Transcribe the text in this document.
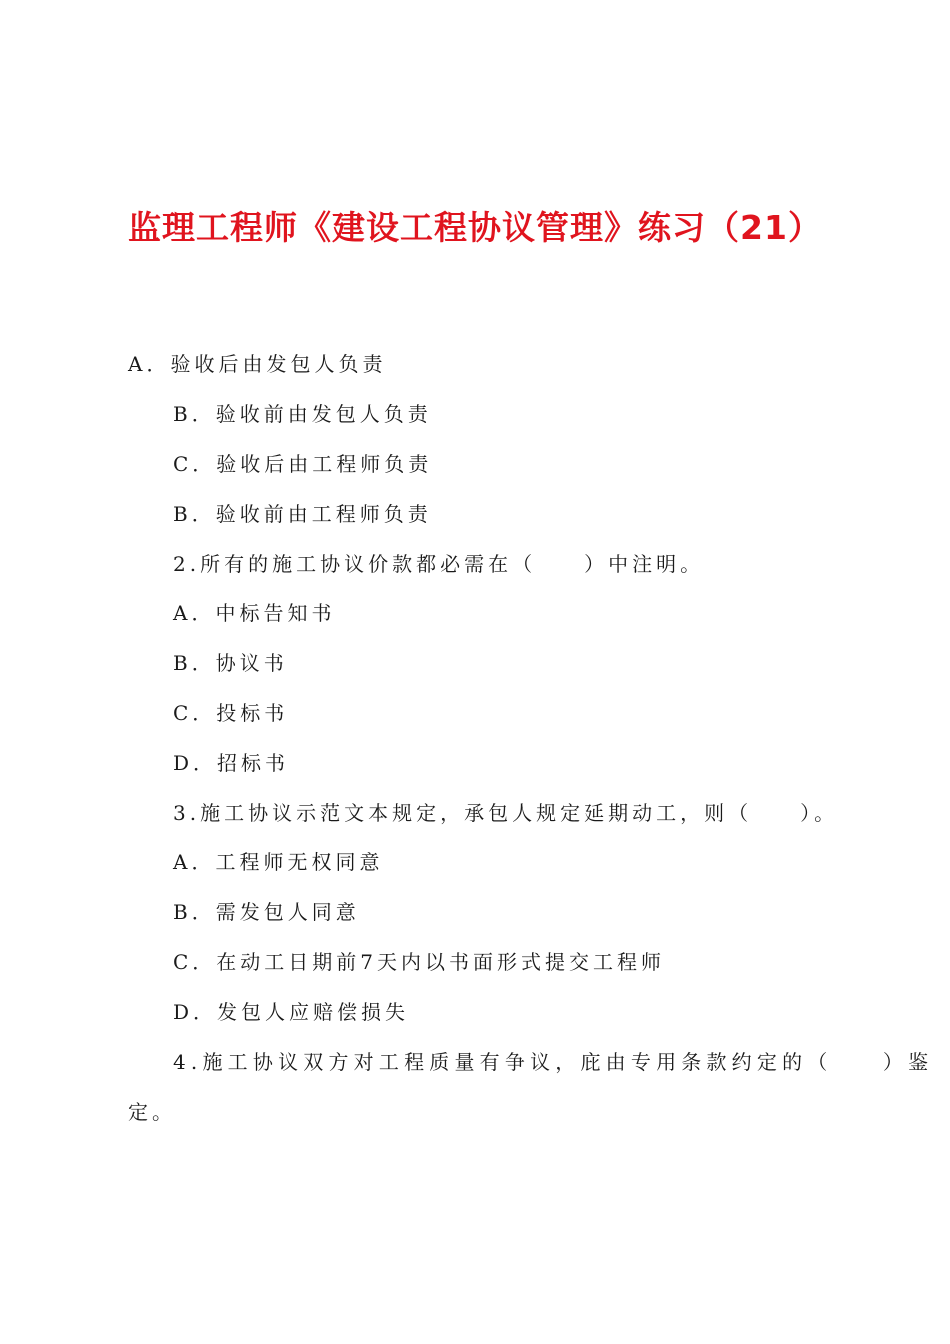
监理工程师《建设工程协议管理》练习（21）

A．验收后由发包人负责

B．验收前由发包人负责

C．验收后由工程师负责

B．验收前由工程师负责

2.所有的施工协议价款都必需在（　　）中注明。

A．中标告知书

B．协议书

C．投标书

D．招标书

3.施工协议示范文本规定，承包人规定延期动工，则（　　）。

A．工程师无权同意

B．需发包人同意

C．在动工日期前7天内以书面形式提交工程师

D．发包人应赔偿损失

4.施工协议双方对工程质量有争议，庇由专用条款约定的（　　）鉴

定。
